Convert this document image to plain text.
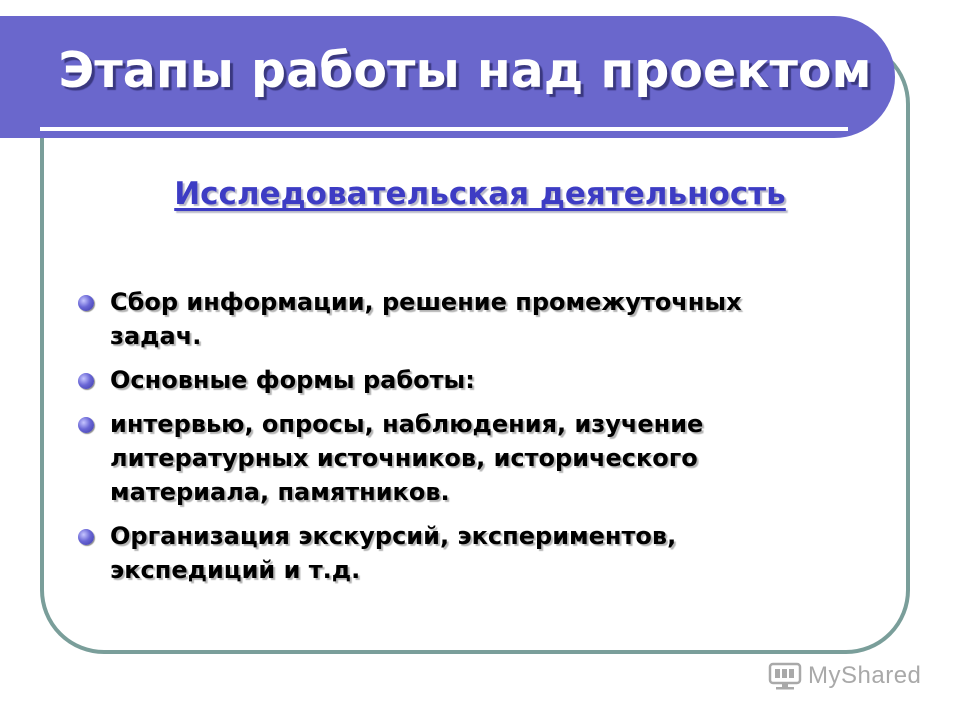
Этапы работы над проектом
Исследовательская деятельность
Сбор информации, решение промежуточных задач.
Основные формы работы:
интервью, опросы, наблюдения, изучение литературных источников, исторического материала, памятников.
Организация экскурсий, экспериментов, экспедиций и т.д.
MyShared
